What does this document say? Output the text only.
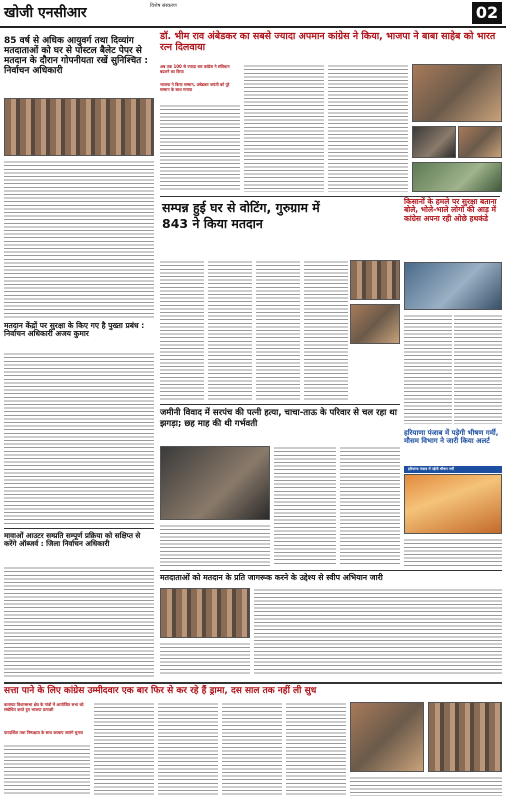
खोजी एनसीआर	विशेष संस्करण	02
85 वर्ष से अधिक आयुवर्ग तथा दिव्यांग मतदाताओं को घर से पोस्टल बैलेट पेपर से मतदान के दौरान गोपनीयता रखें सुनिश्चित : निर्वाचन अधिकारी
डॉ. भीम राव अंबेडकर का सबसे ज्यादा अपमान कांग्रेस ने किया, भाजपा ने बाबा साहेब को भारत रत्न दिलवाया
अब तक 100 से ज्यादा बार कांग्रेस ने संविधान बदलने का किया
भाजपा ने किया सम्मान, अंबेडकर जयंती को पूरे सम्मान के साथ मनाया
सम्पन्न हुई घर से वोटिंग, गुरुग्राम में 843 ने किया मतदान
किसानों के हमले पर सुरक्षा बताना बोले, भोले-भाले लोगों की आड़ में कांग्रेस अपना रही ओछे हथकंडे
मतदान केंद्रों पर सुरक्षा के किए गए है पुख्ता प्रबंध : निर्वाचन अधिकारी अजय कुमार
जमीनी विवाद में सरपंच की पत्नी हत्या, चाचा-ताऊ के परिवार से चल रहा था झगड़ा; छह माह की थी गर्भवती
हरियाणा पंजाब में पड़ेगी भीषण गर्मी, मौसम विभाग ने जारी किया अलर्ट
हरियाणा पंजाब में पड़ेगी भीषण गर्मी
मावाओं आउटर सम्प्रति सम्पूर्ण प्रक्रिया को सक्षिप्त से करेंगे ऑब्जर्व : जिला निर्वाचन अधिकारी
मतदाताओं को मतदान के प्रति जागरूक करने के उद्देश्य से स्वीप अभियान जारी
सत्ता पाने के लिए कांग्रेस उम्मीदवार एक बार फिर से कर रहे हैं ड्रामा, दस साल तक नहीं ली सुध
कलायत विधानसभा क्षेत्र के गांवों में आयोजित सभा को संबोधित करते हुए भाजपा प्रत्याशी
पारदर्शिता तथा निष्पक्षता के साथ करवाए जाएंगे चुनाव
